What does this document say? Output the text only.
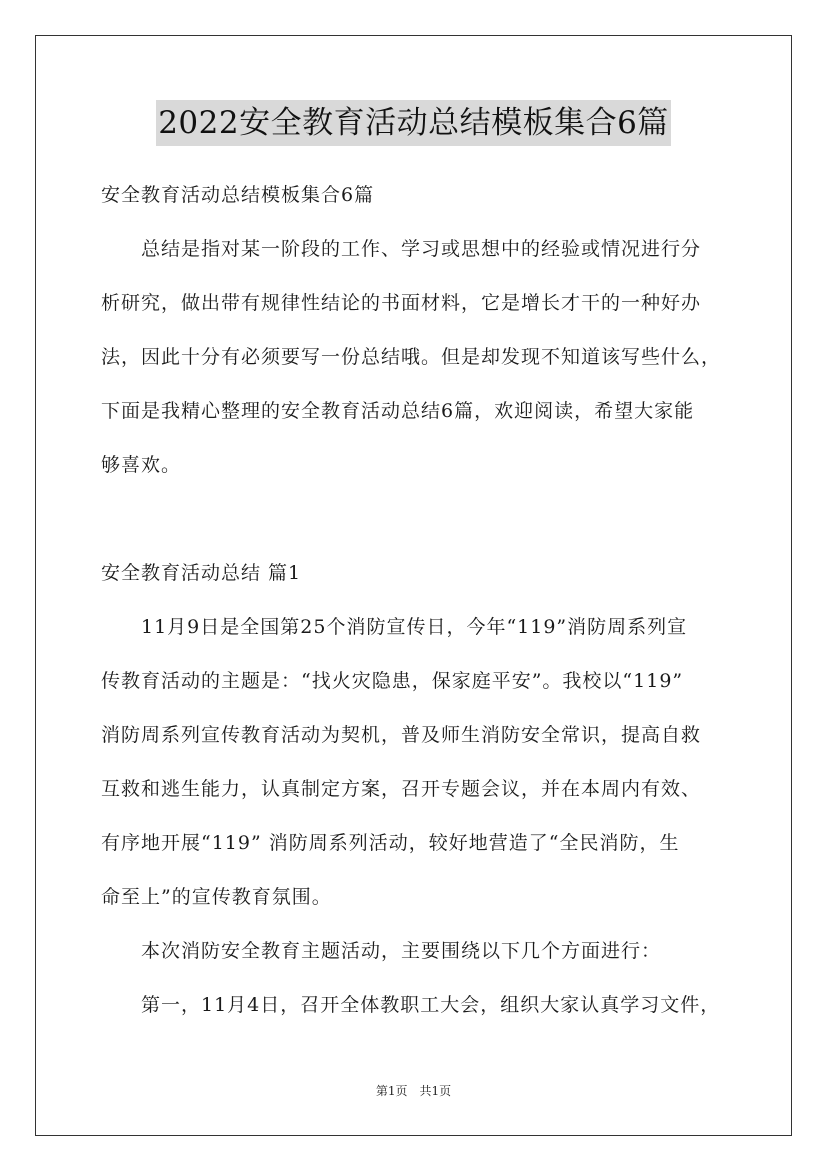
2022安全教育活动总结模板集合6篇
安全教育活动总结模板集合6篇
　　总结是指对某一阶段的工作、学习或思想中的经验或情况进行分
析研究，做出带有规律性结论的书面材料，它是增长才干的一种好办
法，因此十分有必须要写一份总结哦。但是却发现不知道该写些什么，
下面是我精心整理的安全教育活动总结6篇，欢迎阅读，希望大家能
够喜欢。
安全教育活动总结 篇1
　　11月9日是全国第25个消防宣传日，今年“119”消防周系列宣
传教育活动的主题是：“找火灾隐患，保家庭平安”。我校以“119”
消防周系列宣传教育活动为契机，普及师生消防安全常识，提高自救
互救和逃生能力，认真制定方案，召开专题会议，并在本周内有效、
有序地开展“119” 消防周系列活动，较好地营造了“全民消防，生
命至上”的宣传教育氛围。
　　本次消防安全教育主题活动，主要围绕以下几个方面进行：
　　第一，11月4日，召开全体教职工大会，组织大家认真学习文件，
第1页　共1页
